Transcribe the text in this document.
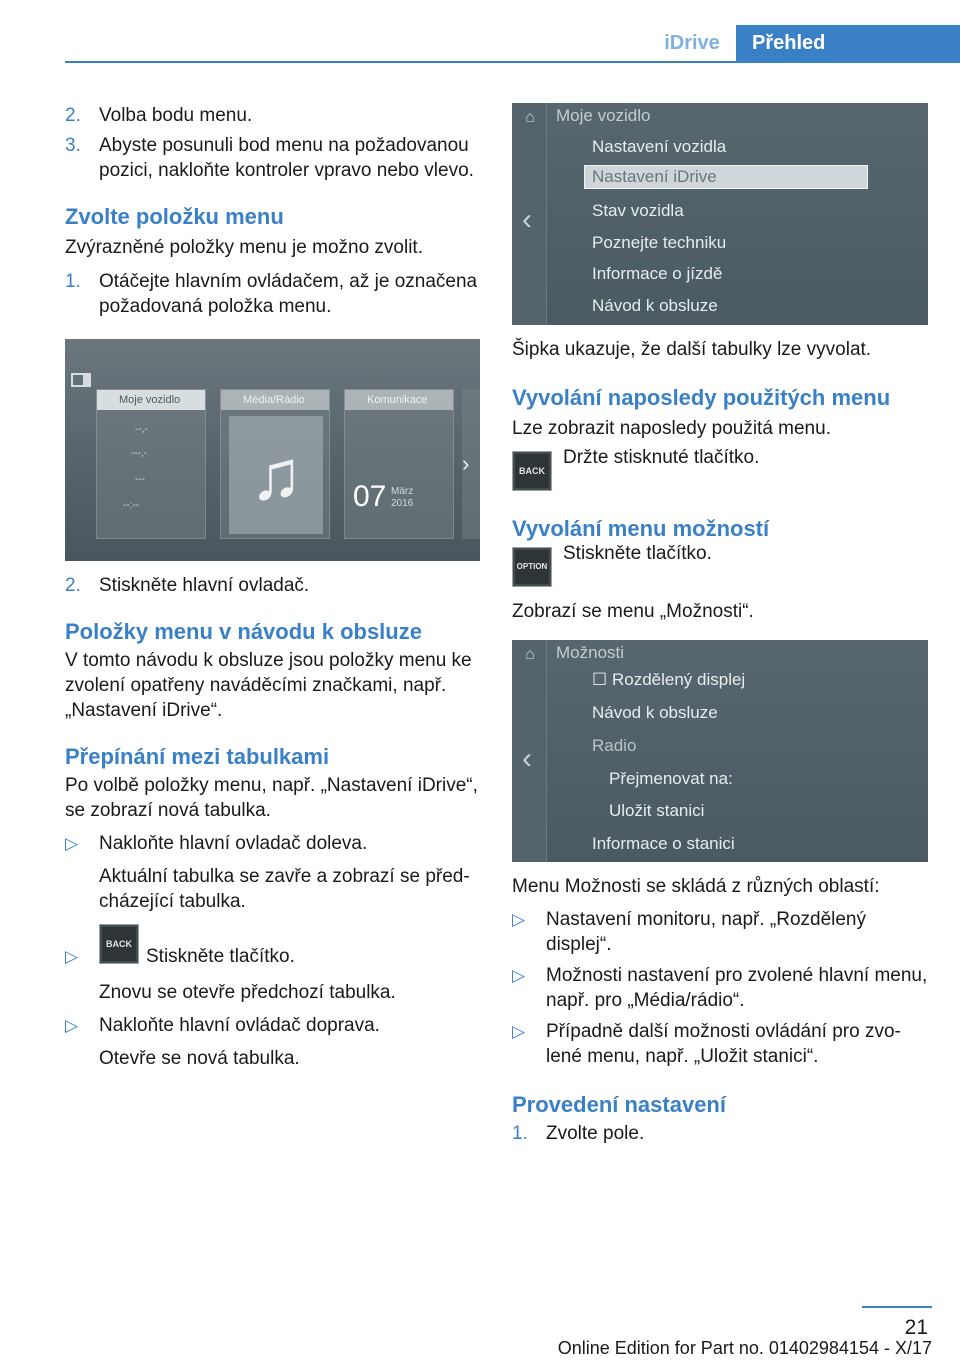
iDrive	Přehled
2. Volba bodu menu.
3. Abyste posunuli bod menu na požadovanou pozici, nakloňte kontroler vpravo nebo vlevo.
Zvolte položku menu

Zvýrazněné položky menu je možno zvolit.

1. Otáčejte hlavním ovládačem, až je označena požadovaná položka menu.
Moje vozidlo
--,-
---,-
---
--:--
Média/Rádio
♫
Komunikace
07 März
2016
›
2. Stiskněte hlavní ovladač.
Položky menu v návodu k obsluze

V tomto návodu k obsluze jsou položky menu ke zvolení opatřeny naváděcími značkami, např. „Nastavení iDrive“.

Přepínání mezi tabulkami

Po volbě položky menu, např. „Nastavení iDrive“, se zobrazí nová tabulka.

▷ Nakloňte hlavní ovladač doleva.

Aktuální tabulka se zavře a zobrazí se předcházející tabulka.

▷
BACK
Stiskněte tlačítko.

Znovu se otevře předchozí tabulka.

▷ Nakloňte hlavní ovládač doprava.

Otevře se nová tabulka.

⌂
‹
Moje vozidlo
Nastavení vozidla
Nastavení iDrive
Stav vozidla
Poznejte techniku
Informace o jízdě
Návod k obsluze

Šipka ukazuje, že další tabulky lze vyvolat.

Vyvolání naposledy použitých menu

Lze zobrazit naposledy použitá menu.

BACK
Držte stisknuté tlačítko.
Vyvolání menu možností
OPTION
Stiskněte tlačítko.

Zobrazí se menu „Možnosti“.

⌂
‹
Možnosti
☐ Rozdělený displej
Návod k obsluze
Radio
Přejmenovat na:
Uložit stanici
Informace o stanici

Menu Možnosti se skládá z různých oblastí:

▷ Nastavení monitoru, např. „Rozdělený displej“.
▷ Možnosti nastavení pro zvolené hlavní menu, např. pro „Média/rádio“.
▷ Případně další možnosti ovládání pro zvolené menu, např. „Uložit stanici“.
Provedení nastavení
1. Zvolte pole.
21
Online Edition for Part no. 01402984154 - X/17
